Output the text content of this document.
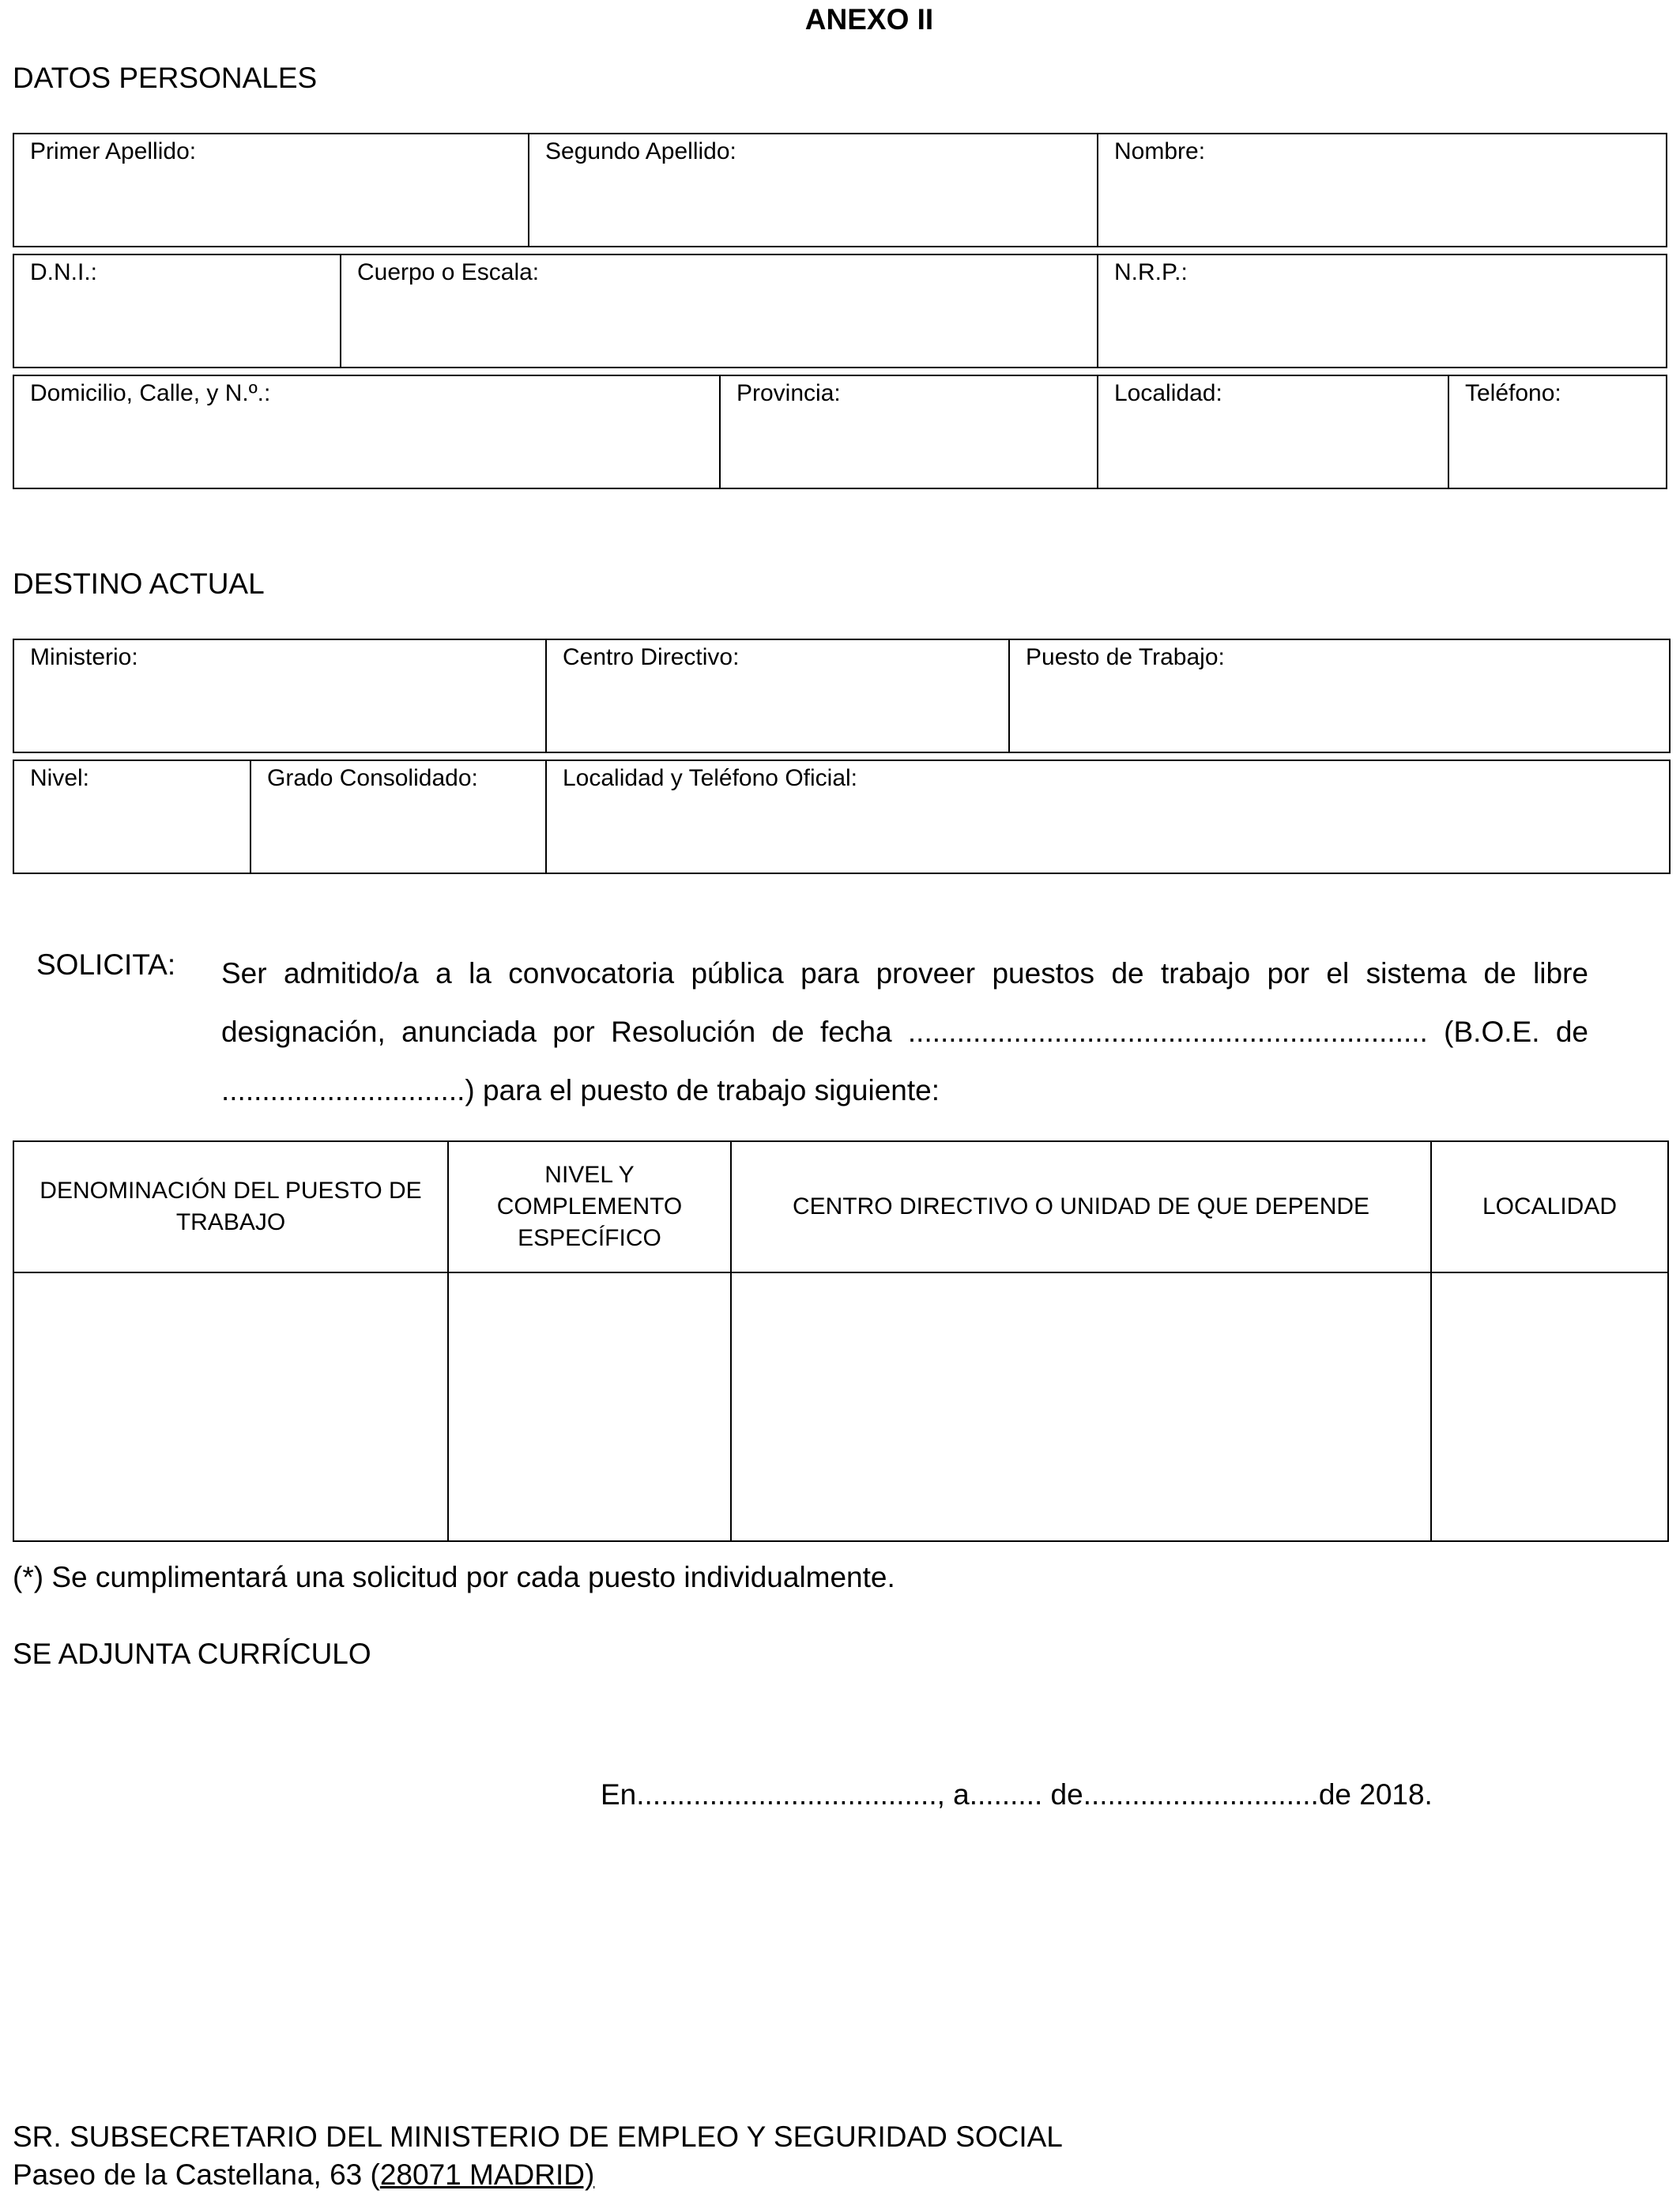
ANEXO II
DATOS PERSONALES
Primer Apellido:	Segundo Apellido:	Nombre:
D.N.I.:	Cuerpo o Escala:	N.R.P.:
Domicilio, Calle, y N.º.:	Provincia:	Localidad:	Teléfono:
DESTINO ACTUAL
Ministerio:	Centro Directivo:	Puesto de Trabajo:
Nivel:	Grado Consolidado:	Localidad y Teléfono Oficial:
SOLICITA: Ser admitido/a a la convocatoria pública para proveer puestos de trabajo por el sistema de libre designación, anunciada por Resolución de fecha ................................................................ (B.O.E. de ..............................) para el puesto de trabajo siguiente:
DENOMINACIÓN DEL PUESTO DE TRABAJO	NIVEL Y COMPLEMENTO ESPECÍFICO	CENTRO DIRECTIVO O UNIDAD DE QUE DEPENDE	LOCALIDAD

(*) Se cumplimentará una solicitud por cada puesto individualmente.
SE ADJUNTA CURRÍCULO
En....................................., a......... de.............................de 2018.
SR. SUBSECRETARIO DEL MINISTERIO DE EMPLEO Y SEGURIDAD SOCIAL
Paseo de la Castellana, 63 (28071 MADRID)
